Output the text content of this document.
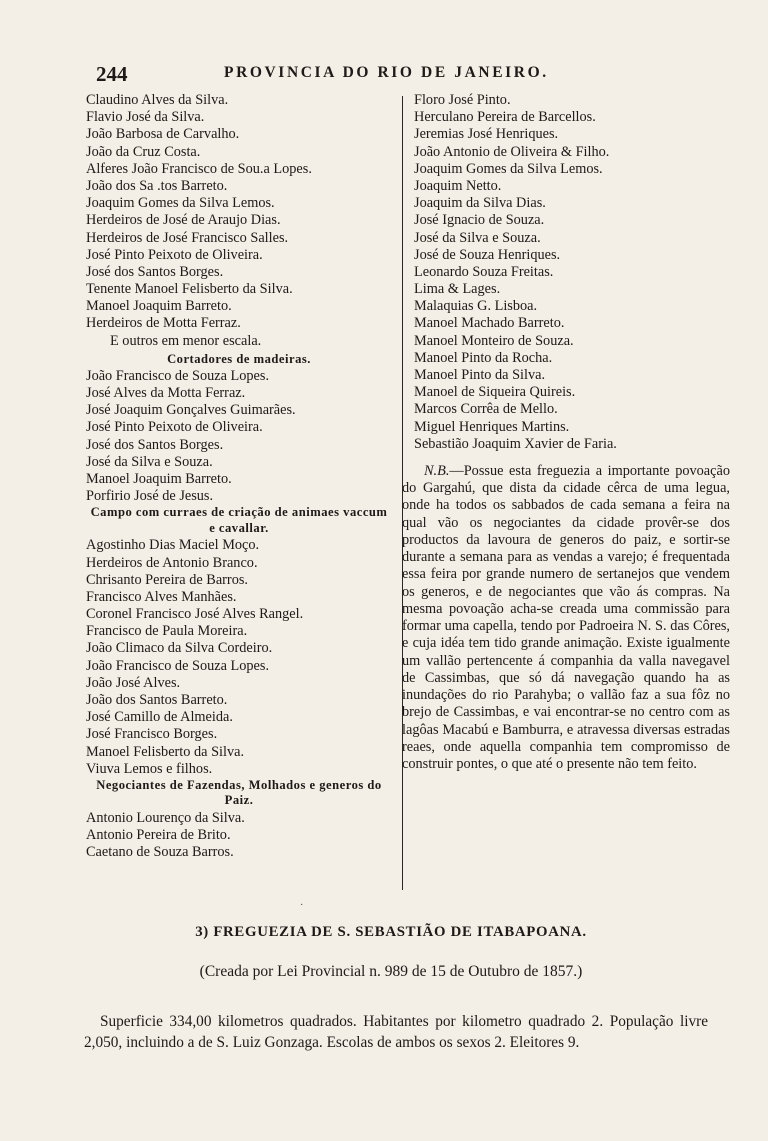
244	PROVINCIA DO RIO DE JANEIRO.
Claudino Alves da Silva.
Flavio José da Silva.
João Barbosa de Carvalho.
João da Cruz Costa.
Alferes João Francisco de Sou.a Lopes.
João dos Sa .tos Barreto.
Joaquim Gomes da Silva Lemos.
Herdeiros de José de Araujo Dias.
Herdeiros de José Francisco Salles.
José Pinto Peixoto de Oliveira.
José dos Santos Borges.
Tenente Manoel Felisberto da Silva.
Manoel Joaquim Barreto.
Herdeiros de Motta Ferraz.
E outros em menor escala.
Cortadores de madeiras.
João Francisco de Souza Lopes.
José Alves da Motta Ferraz.
José Joaquim Gonçalves Guimarães.
José Pinto Peixoto de Oliveira.
José dos Santos Borges.
José da Silva e Souza.
Manoel Joaquim Barreto.
Porfirio José de Jesus.
Campo com curraes de criação de animaes vaccum e cavallar.
Agostinho Dias Maciel Moço.
Herdeiros de Antonio Branco.
Chrisanto Pereira de Barros.
Francisco Alves Manhães.
Coronel Francisco José Alves Rangel.
Francisco de Paula Moreira.
João Climaco da Silva Cordeiro.
João Francisco de Souza Lopes.
João José Alves.
João dos Santos Barreto.
José Camillo de Almeida.
José Francisco Borges.
Manoel Felisberto da Silva.
Viuva Lemos e filhos.
Negociantes de Fazendas, Molhados e generos do Paiz.
Antonio Lourenço da Silva.
Antonio Pereira de Brito.
Caetano de Souza Barros.
Floro José Pinto.
Herculano Pereira de Barcellos.
Jeremias José Henriques.
João Antonio de Oliveira & Filho.
Joaquim Gomes da Silva Lemos.
Joaquim Netto.
Joaquim da Silva Dias.
José Ignacio de Souza.
José da Silva e Souza.
José de Souza Henriques.
Leonardo Souza Freitas.
Lima & Lages.
Malaquias G. Lisboa.
Manoel Machado Barreto.
Manoel Monteiro de Souza.
Manoel Pinto da Rocha.
Manoel Pinto da Silva.
Manoel de Siqueira Quireis.
Marcos Corrêa de Mello.
Miguel Henriques Martins.
Sebastião Joaquim Xavier de Faria.
N.B.—Possue esta freguezia a importante povoação do Gargahú, que dista da cidade cêrca de uma legua, onde ha todos os sabbados de cada semana a feira na qual vão os negociantes da cidade provêr-se dos productos da lavoura de generos do paiz, e sortir-se durante a semana para as vendas a varejo; é frequentada essa feira por grande numero de sertanejos que vendem os generos, e de negociantes que vão ás compras. Na mesma povoação acha-se creada uma commissão para formar uma capella, tendo por Padroeira N. S. das Côres, e cuja idéa tem tido grande animação. Existe igualmente um vallão pertencente á companhia da valla navegavel de Cassimbas, que só dá navegação quando ha as inundações do rio Parahyba; o vallão faz a sua fôz no brejo de Cassimbas, e vai encontrar-se no centro com as lagôas Macabú e Bamburra, e atravessa diversas estradas reaes, onde aquella companhia tem compromisso de construir pontes, o que até o presente não tem feito.
·
3) FREGUEZIA DE S. SEBASTIÃO DE ITABAPOANA.
(Creada por Lei Provincial n. 989 de 15 de Outubro de 1857.)
Superficie 334,00 kilometros quadrados. Habitantes por kilometro quadrado 2. População livre 2,050, incluindo a de S. Luiz Gonzaga. Escolas de ambos os sexos 2. Eleitores 9.
